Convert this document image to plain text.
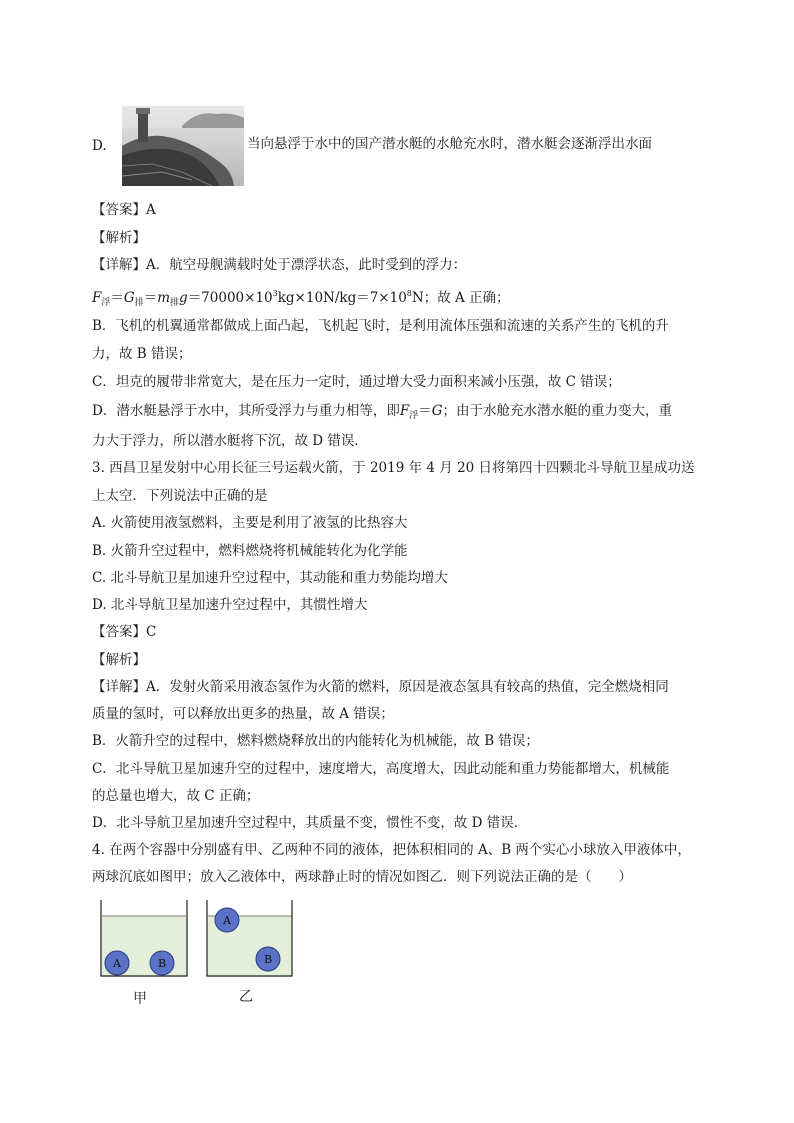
D.	当向悬浮于水中的国产潜水艇的水舱充水时，潜水艇会逐渐浮出水面
【答案】A
【解析】
【详解】A．航空母舰满载时处于漂浮状态，此时受到的浮力：
$F_浮=G_排=m_排g=70000\times 10^3kg\times 10N/kg=7\times 10^8N$；故 A 正确；
B．飞机的机翼通常都做成上面凸起，飞机起飞时，是利用流体压强和流速的关系产生的飞机的升
力，故 B 错误；
C．坦克的履带非常宽大，是在压力一定时，通过增大受力面积来减小压强，故 C 错误；
D．潜水艇悬浮于水中，其所受浮力与重力相等，即$F_浮=G$；由于水舱充水潜水艇的重力变大，重
力大于浮力，所以潜水艇将下沉，故 D 错误．
3. 西昌卫星发射中心用长征三号运载火箭，于 2019 年 4 月 20 日将第四十四颗北斗导航卫星成功送
上太空．下列说法中正确的是
A. 火箭使用液氢燃料，主要是利用了液氢的比热容大
B. 火箭升空过程中，燃料燃烧将机械能转化为化学能
C. 北斗导航卫星加速升空过程中，其动能和重力势能均增大
D. 北斗导航卫星加速升空过程中，其惯性增大
【答案】C
【解析】
【详解】A．发射火箭采用液态氢作为火箭的燃料，原因是液态氢具有较高的热值，完全燃烧相同
质量的氢时，可以释放出更多的热量，故 A 错误；
B．火箭升空的过程中，燃料燃烧释放出的内能转化为机械能，故 B 错误；
C．北斗导航卫星加速升空的过程中，速度增大，高度增大，因此动能和重力势能都增大，机械能
的总量也增大，故 C 正确；
D．北斗导航卫星加速升空过程中，其质量不变，惯性不变，故 D 错误．
4. 在两个容器中分别盛有甲、乙两种不同的液体，把体积相同的 A、B 两个实心小球放入甲液体中，
两球沉底如图甲；放入乙液体中，两球静止时的情况如图乙．则下列说法正确的是（　　）
A	B
A
B
甲	乙
